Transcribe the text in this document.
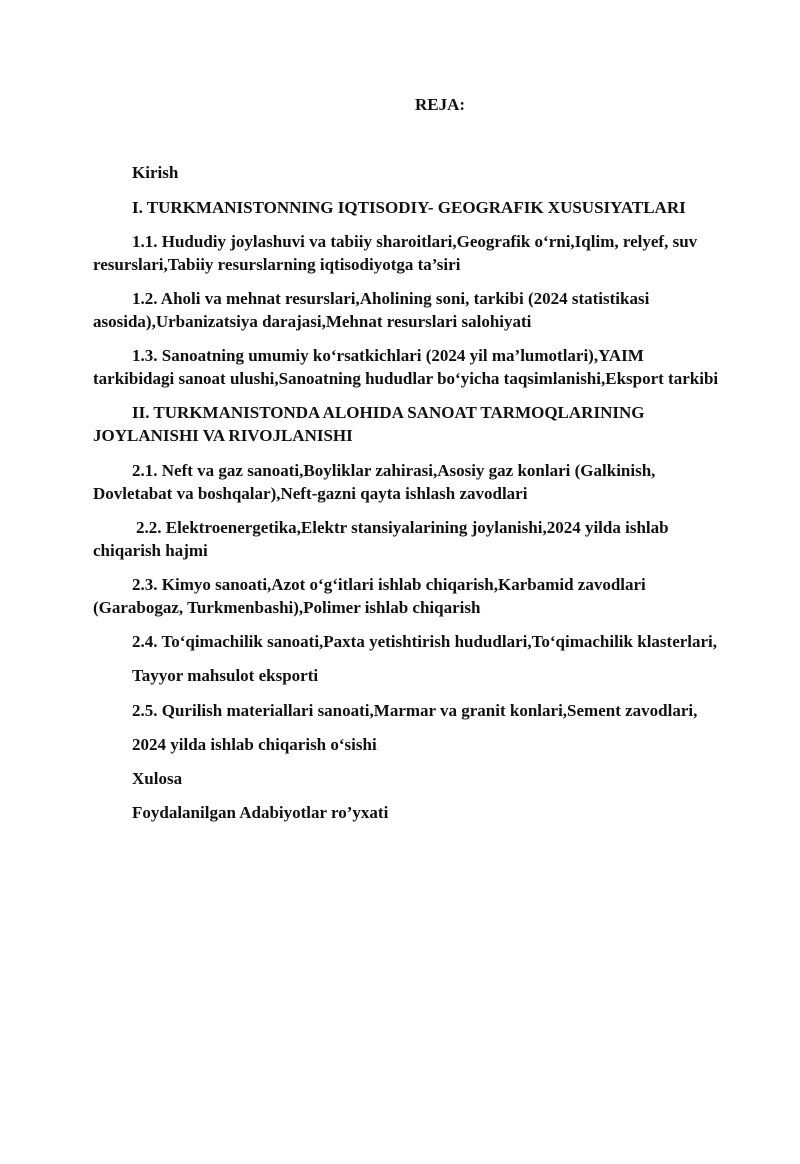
REJA:
Kirish
I. TURKMANISTONNING IQTISODIY- GEOGRAFIK XUSUSIYATLARI
1.1. Hududiy joylashuvi va tabiiy sharoitlari,Geografik o‘rni,Iqlim, relyef, suv
resurslari,Tabiiy resurslarning iqtisodiyotga ta’siri
1.2. Aholi va mehnat resurslari,Aholining soni, tarkibi (2024 statistikasi
asosida),Urbanizatsiya darajasi,Mehnat resurslari salohiyati
1.3. Sanoatning umumiy ko‘rsatkichlari (2024 yil ma’lumotlari),YAIM
tarkibidagi sanoat ulushi,Sanoatning hududlar bo‘yicha taqsimlanishi,Eksport tarkibi
II. TURKMANISTONDA ALOHIDA SANOAT TARMOQLARINING
JOYLANISHI VA RIVOJLANISHI
2.1. Neft va gaz sanoati,Boyliklar zahirasi,Asosiy gaz konlari (Galkinish,
Dovletabat va boshqalar),Neft-gazni qayta ishlash zavodlari
2.2. Elektroenergetika,Elektr stansiyalarining joylanishi,2024 yilda ishlab
chiqarish hajmi
2.3. Kimyo sanoati,Azot o‘g‘itlari ishlab chiqarish,Karbamid zavodlari
(Garabogaz, Turkmenbashi),Polimer ishlab chiqarish
2.4. To‘qimachilik sanoati,Paxta yetishtirish hududlari,To‘qimachilik klasterlari,
Tayyor mahsulot eksporti
2.5. Qurilish materiallari sanoati,Marmar va granit konlari,Sement zavodlari,
2024 yilda ishlab chiqarish o‘sishi
Xulosa
Foydalanilgan Adabiyotlar ro’yxati
